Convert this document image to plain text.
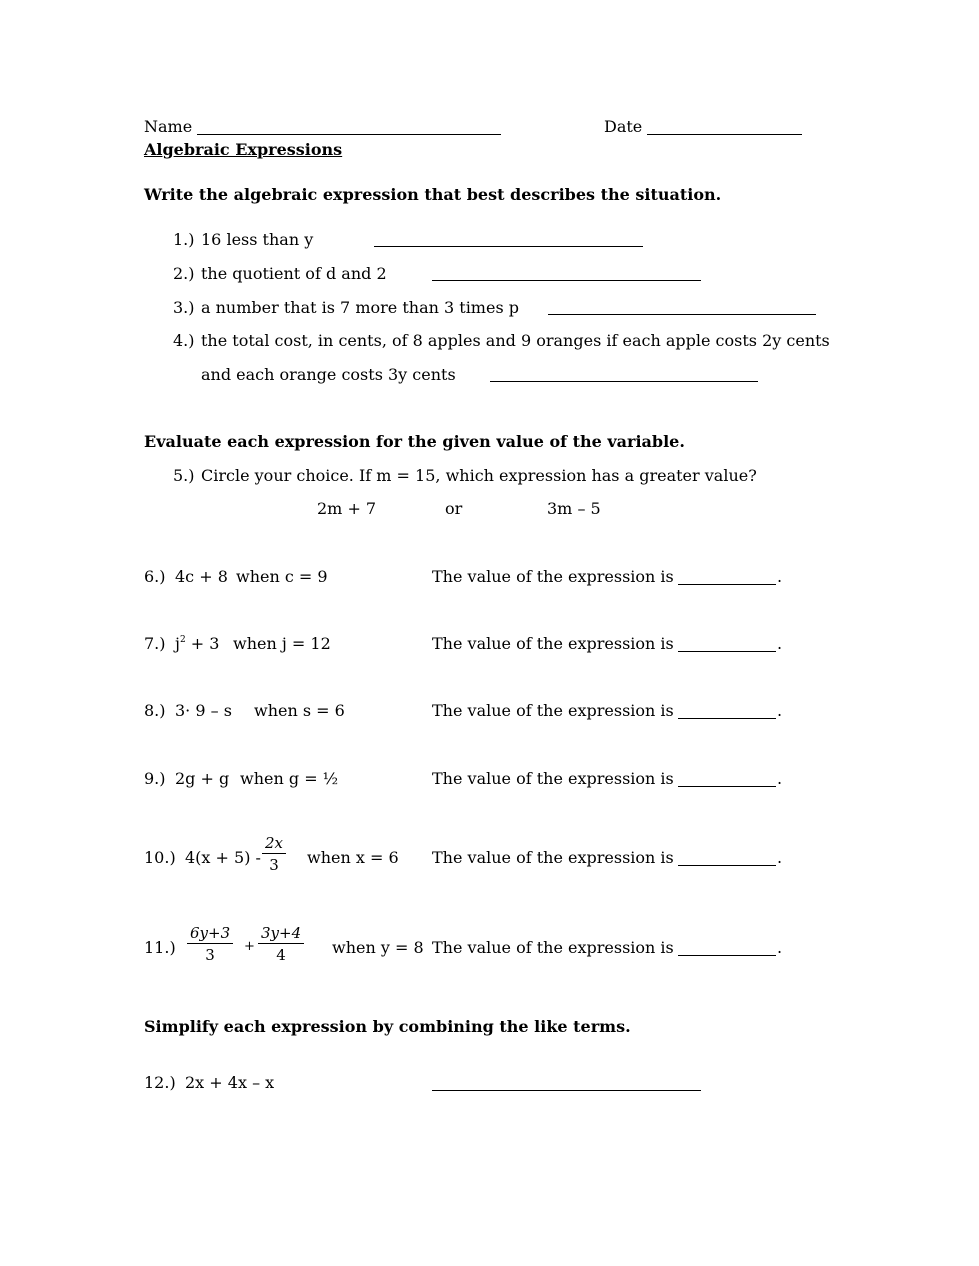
Name	Date
Algebraic Expressions
Write the algebraic expression that best describes the situation.
1.) 16 less than y
2.) the quotient of d and 2
3.) a number that is 7 more than 3 times p
4.) the total cost, in cents, of 8 apples and 9 oranges if each apple costs 2y cents
and each orange costs 3y cents
Evaluate each expression for the given value of the variable.
5.) Circle your choice. If m = 15, which expression has a greater value?
2m + 7	or	3m – 5
6.) 4c + 8 when c = 9	The value of the expression is	.
7.) $j^2 + 3$ when j = 12	The value of the expression is	.
8.) 3· 9 – s when s = 6	The value of the expression is	.
9.) 2g + g when g = ½	The value of the expression is	.
10.) $4(x + 5) - \frac{2x}{3}$ when x = 6 The value of the expression is	.
$11.) \frac{6y+3}{3} + \frac{3y+4}{4}$ when y = 8 The value of the expression is	.
Simplify each expression by combining the like terms.
12.) 2x + 4x – x
